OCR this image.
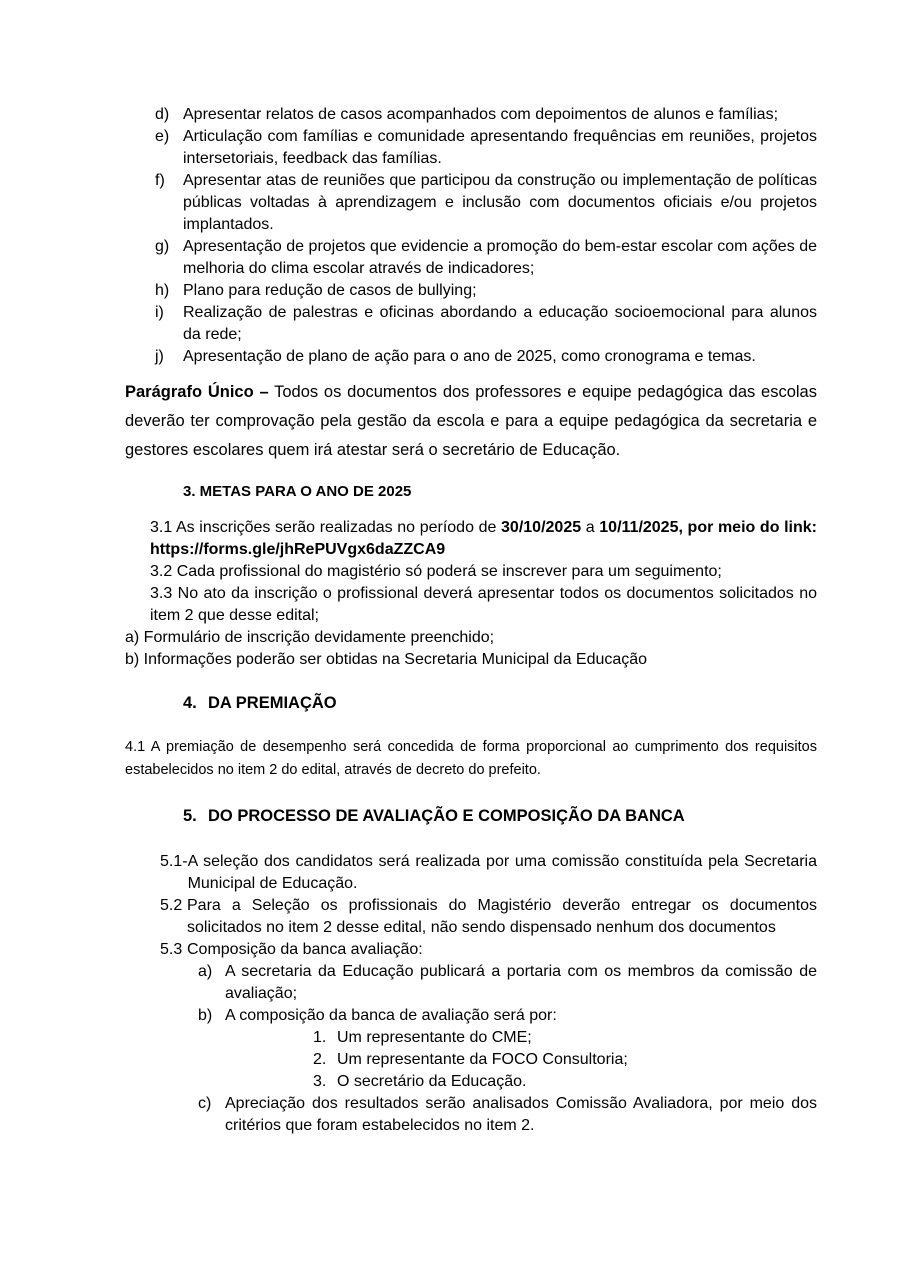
d) Apresentar relatos de casos acompanhados com depoimentos de alunos e famílias;
e) Articulação com famílias e comunidade apresentando frequências em reuniões, projetos intersetoriais, feedback das famílias.
f)	Apresentar atas de reuniões que participou da construção ou implementação de políticas públicas voltadas à aprendizagem e inclusão com documentos oficiais e/ou projetos implantados.
g) Apresentação de projetos que evidencie a promoção do bem-estar escolar com ações de melhoria do clima escolar através de indicadores;
h) Plano para redução de casos de bullying;
i)	Realização de palestras e oficinas abordando a educação socioemocional para alunos da rede;
j)	Apresentação de plano de ação para o ano de 2025, como cronograma e temas.

Parágrafo Único – Todos os documentos dos professores e equipe pedagógica das escolas deverão ter comprovação pela gestão da escola e para a equipe pedagógica da secretaria e gestores escolares quem irá atestar será o secretário de Educação.

3. METAS PARA O ANO DE 2025
3.1 As inscrições serão realizadas no período de 30/10/2025 a 10/11/2025, por meio do link: https://forms.gle/jhRePUVgx6daZZCA9
3.2 Cada profissional do magistério só poderá se inscrever para um seguimento;
3.3 No ato da inscrição o profissional deverá apresentar todos os documentos solicitados no item 2 que desse edital;
a) Formulário de inscrição devidamente preenchido;
b) Informações poderão ser obtidas na Secretaria Municipal da Educação
4. DA PREMIAÇÃO

4.1 A premiação de desempenho será concedida de forma proporcional ao cumprimento dos requisitos estabelecidos no item 2 do edital, através de decreto do prefeito.

5. DO PROCESSO DE AVALIAÇÃO E COMPOSIÇÃO DA BANCA
5.1- A seleção dos candidatos será realizada por uma comissão constituída pela Secretaria Municipal de Educação.
5.2 Para a Seleção os profissionais do Magistério deverão entregar os documentos solicitados no item 2 desse edital, não sendo dispensado nenhum dos documentos
5.3 Composição da banca avaliação:
a) A secretaria da Educação publicará a portaria com os membros da comissão de avaliação;
b) A composição da banca de avaliação será por:
1. Um representante do CME;
2. Um representante da FOCO Consultoria;
3. O secretário da Educação.
c) Apreciação dos resultados serão analisados Comissão Avaliadora, por meio dos critérios que foram estabelecidos no item 2.
